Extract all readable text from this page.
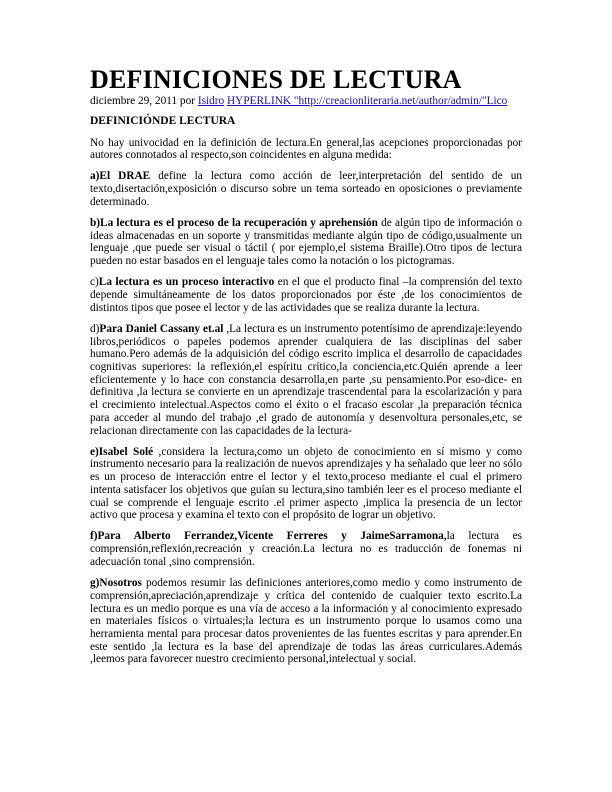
DEFINICIONES DE LECTURA
diciembre 29, 2011 por Isidro HYPERLINK "http://creacionliteraria.net/author/admin/"Lico
DEFINICIÓNDE LECTURA

No hay univocidad en la definición de lectura.En general,las acepciones proporcionadas por autores connotados al respecto,son coincidentes en alguna medida:

a)El DRAE define la lectura como acción de leer,interpretación del sentido de un texto,disertación,exposición o discurso sobre un tema sorteado en oposiciones o previamente determinado.

b)La lectura es el proceso de la recuperación y aprehensión de algún tipo de información o ideas almacenadas en un soporte y transmitidas mediante algún tipo de código,usualmente un lenguaje ,que puede ser visual o táctil ( por ejemplo,el sistema Braille).Otro tipos de lectura pueden no estar basados en el lenguaje tales como la notación o los pictogramas.

c)La lectura es un proceso interactivo en el que el producto final –la comprensión del texto depende simultáneamente de los datos proporcionados por éste ,de los conocimientos de distintos tipos que posee el lector y de las actividades que se realiza durante la lectura.

d)Para Daniel Cassany et.al ,La lectura es un instrumento potentísimo de aprendizaje:leyendo libros,periódicos o papeles podemos aprender cualquiera de las disciplinas del saber humano.Pero además de la adquisición del código escrito implica el desarrollo de capacidades cognitivas superiores: la reflexión,el espíritu crítico,la conciencia,etc.Quién aprende a leer eficientemente y lo hace con constancia desarrolla,en parte ,su pensamiento.Por eso-dice- en definitiva ,la lectura se convierte en un aprendizaje trascendental para la escolarización y para el crecimiento intelectual.Aspectos como el éxito o el fracaso escolar ,la preparación técnica para acceder al mundo del trabajo ,el grado de autonomía y desenvoltura personales,etc, se relacionan directamente con las capacidades de la lectura-

e)Isabel Solé ,considera la lectura,como un objeto de conocimiento en sí mismo y como instrumento necesario para la realización de nuevos aprendizajes y ha señalado que leer no sólo es un proceso de interacción entre el lector y el texto,proceso mediante el cual el primero intenta satisfacer los objetivos que guían su lectura,sino también leer es el proceso mediante el cual se comprende el lenguaje escrito .el primer aspecto ,implica la presencia de un lector activo que procesa y examina el texto con el propósito de lograr un objetivo.

f)Para Alberto Ferrandez,Vicente Ferreres y JaimeSarramona,la lectura es comprensión,reflexión,recreación y creación.La lectura no es traducción de fonemas ni adecuación tonal ,sino comprensión.

g)Nosotros podemos resumir las definiciones anteriores,como medio y como instrumento de comprensión,apreciación,aprendizaje y crítica del contenido de cualquier texto escrito.La lectura es un medio porque es una vía de acceso a la información y al conocimiento expresado en materiales físicos o virtuales;la lectura es un instrumento porque lo usamos como una herramienta mental para procesar datos provenientes de las fuentes escritas y para aprender.En este sentido ,la lectura es la base del aprendizaje de todas las áreas curriculares.Además ,leemos para favorecer nuestro crecimiento personal,intelectual y social.
